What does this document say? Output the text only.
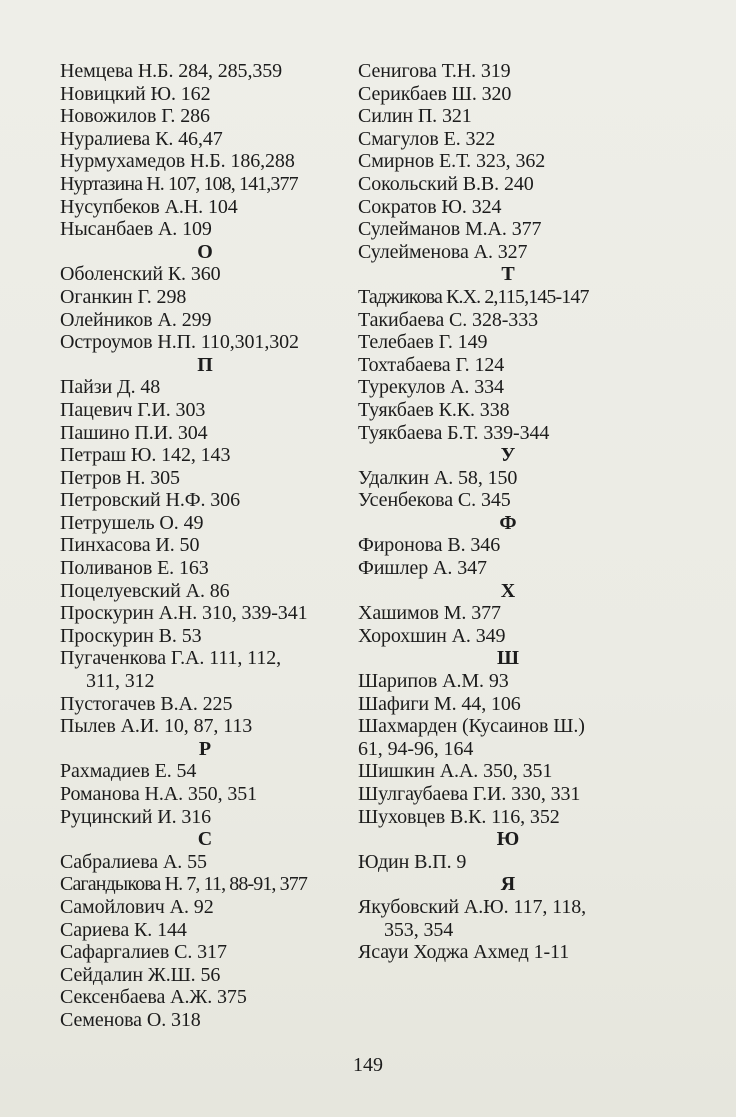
Немцева Н.Б. 284, 285,359
Новицкий Ю. 162
Новожилов Г. 286
Нуралиева К. 46,47
Нурмухамедов Н.Б. 186,288
Нуртазина Н. 107, 108, 141,377
Нусупбеков А.Н. 104
Нысанбаев А. 109
О
Оболенский К. 360
Оганкин Г. 298
Олейников А. 299
Остроумов Н.П. 110,301,302
П
Пайзи Д. 48
Пацевич Г.И. 303
Пашино П.И. 304
Петраш Ю. 142, 143
Петров Н. 305
Петровский Н.Ф. 306
Петрушель О. 49
Пинхасова И. 50
Поливанов Е. 163
Поцелуевский А. 86
Проскурин А.Н. 310, 339-341
Проскурин В. 53
Пугаченкова Г.А. 111, 112,
311, 312
Пустогачев В.А. 225
Пылев А.И. 10, 87, 113
Р
Рахмадиев Е. 54
Романова Н.А. 350, 351
Руцинский И. 316
С
Сабралиева А. 55
Сагандыкова Н. 7, 11, 88-91, 377
Самойлович А. 92
Сариева К. 144
Сафаргалиев С. 317
Сейдалин Ж.Ш. 56
Сексенбаева А.Ж. 375
Семенова О. 318
Сенигова Т.Н. 319
Серикбаев Ш. 320
Силин П. 321
Смагулов Е. 322
Смирнов Е.Т. 323, 362
Сокольский В.В. 240
Сократов Ю. 324
Сулейманов М.А. 377
Сулейменова А. 327
Т
Таджикова К.Х. 2,115,145-147
Такибаева С. 328-333
Телебаев Г. 149
Тохтабаева Г. 124
Турекулов А. 334
Туякбаев К.К. 338
Туякбаева Б.Т. 339-344
У
Удалкин А. 58, 150
Усенбекова С. 345
Ф
Фиронова В. 346
Фишлер А. 347
Х
Хашимов М. 377
Хорохшин А. 349
Ш
Шарипов А.М. 93
Шафиги М. 44, 106
Шахмарден (Кусаинов Ш.)
61, 94-96, 164
Шишкин А.А. 350, 351
Шулгаубаева Г.И. 330, 331
Шуховцев В.К. 116, 352
Ю
Юдин В.П. 9
Я
Якубовский А.Ю. 117, 118,
353, 354
Ясауи Ходжа Ахмед 1-11
149
